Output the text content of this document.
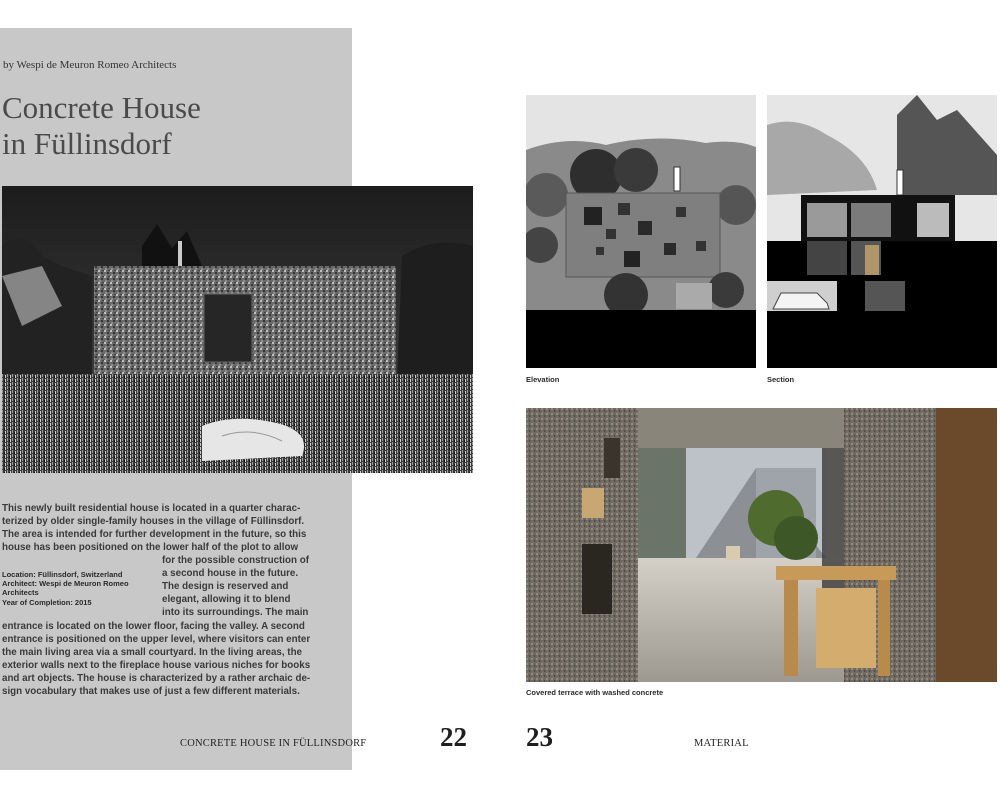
by Wespi de Meuron Romeo Architects
Concrete House
in Füllinsdorf
This newly built residential house is located in a quarter charac-
terized by older single-family houses in the village of Füllinsdorf.
The area is intended for further development in the future, so this
house has been positioned on the lower half of the plot to allow
for the possible construction of
a second house in the future.
The design is reserved and
elegant, allowing it to blend
into its surroundings. The main
Location: Füllinsdorf, Switzerland
Architect: Wespi de Meuron Romeo
Architects
Year of Completion: 2015
entrance is located on the lower floor, facing the valley. A second
entrance is positioned on the upper level, where visitors can enter
the main living area via a small courtyard. In the living areas, the
exterior walls next to the fireplace house various niches for books
and art objects. The house is characterized by a rather archaic de-
sign vocabulary that makes use of just a few different materials.
Elevation	Section
Covered terrace with washed concrete
CONCRETE HOUSE IN FÜLLINSDORF	22 23	MATERIAL
